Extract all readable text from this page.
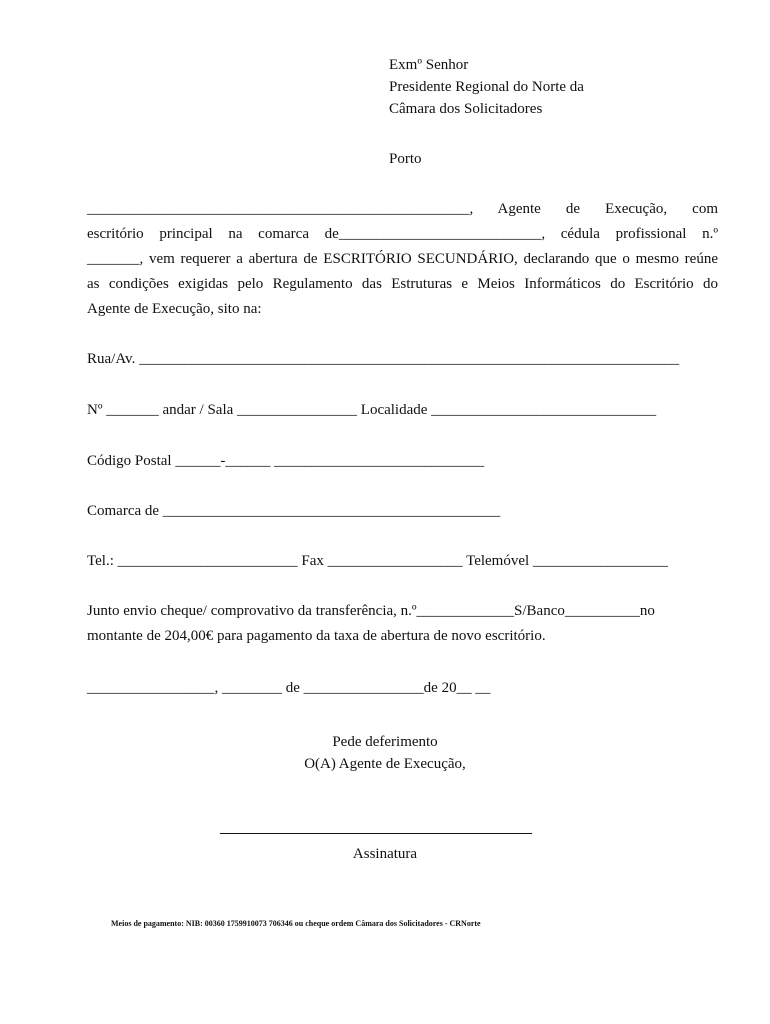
Exmº Senhor
Presidente Regional do Norte da
Câmara dos Solicitadores
Porto
___________________________________________________, Agente de Execução, com
escritório principal na comarca de___________________________, cédula profissional n.º
_______, vem requerer a abertura de ESCRITÓRIO SECUNDÁRIO, declarando que o mesmo reúne
as condições exigidas pelo Regulamento das Estruturas e Meios Informáticos do Escritório do
Agente de Execução, sito na:
Rua/Av. ________________________________________________________________________
Nº _______ andar / Sala ________________ Localidade ______________________________
Código Postal ______-______ ____________________________
Comarca de _____________________________________________
Tel.: ________________________ Fax __________________ Telemóvel __________________
Junto envio cheque/ comprovativo da transferência, n.º_____________S/Banco__________no
montante de 204,00€ para pagamento da taxa de abertura de novo escritório.
_________________, ________ de ________________de 20__ __
Pede deferimento
O(A) Agente de Execução,
Assinatura
Meios de pagamento: NIB: 00360 1759910073 706346 ou cheque ordem Câmara dos Solicitadores - CRNorte
